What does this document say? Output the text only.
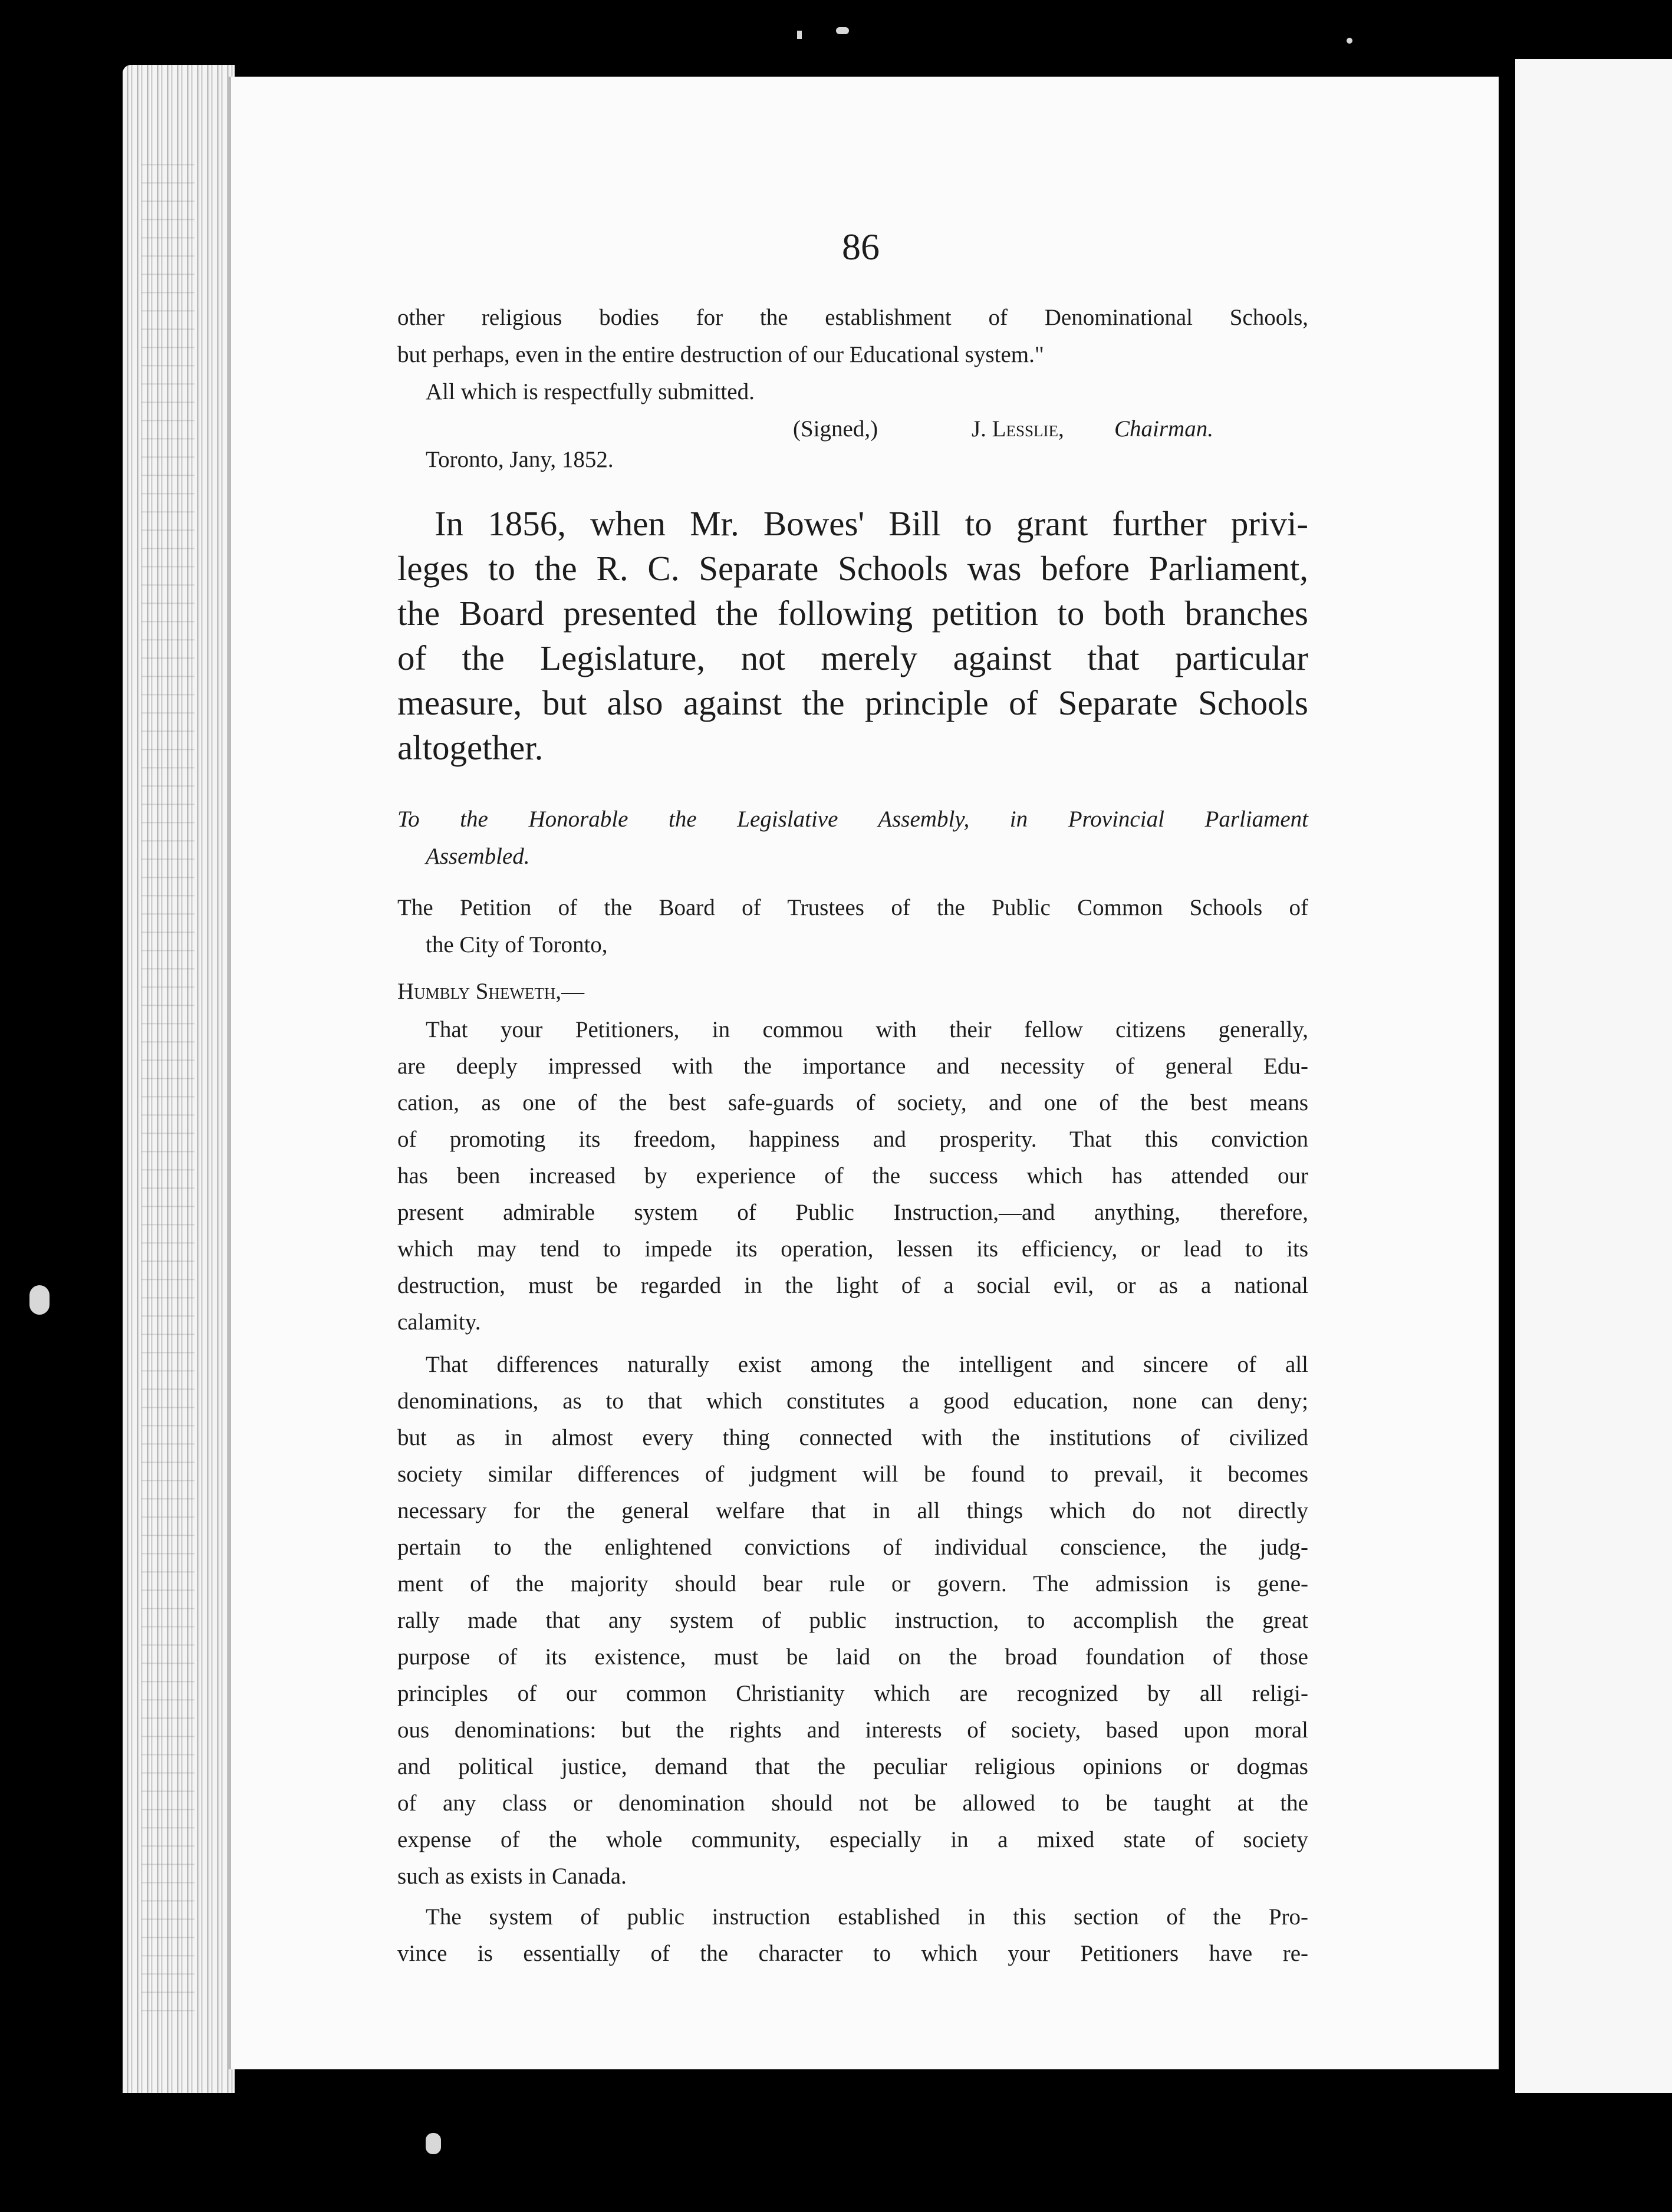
86
other religious bodies for the establishment of Denominational Schools,
but perhaps, even in the entire destruction of our Educational system."
All which is respectfully submitted.
(Signed,)	J. Lesslie, Chairman.
Toronto, Jany, 1852.
In 1856, when Mr. Bowes' Bill to grant further privi-
leges to the R. C. Separate Schools was before Parliament,
the Board presented the following petition to both branches
of the Legislature, not merely against that particular
measure, but also against the principle of Separate Schools
altogether.
To the Honorable the Legislative Assembly, in Provincial Parliament
Assembled.
The Petition of the Board of Trustees of the Public Common Schools of
the City of Toronto,
Humbly Sheweth,—
That your Petitioners, in commou with their fellow citizens generally,
are deeply impressed with the importance and necessity of general Edu-
cation, as one of the best safe-guards of society, and one of the best means
of promoting its freedom, happiness and prosperity. That this conviction
has been increased by experience of the success which has attended our
present admirable system of Public Instruction,—and anything, therefore,
which may tend to impede its operation, lessen its efficiency, or lead to its
destruction, must be regarded in the light of a social evil, or as a national
calamity.
That differences naturally exist among the intelligent and sincere of all
denominations, as to that which constitutes a good education, none can deny;
but as in almost every thing connected with the institutions of civilized
society similar differences of judgment will be found to prevail, it becomes
necessary for the general welfare that in all things which do not directly
pertain to the enlightened convictions of individual conscience, the judg-
ment of the majority should bear rule or govern. The admission is gene-
rally made that any system of public instruction, to accomplish the great
purpose of its existence, must be laid on the broad foundation of those
principles of our common Christianity which are recognized by all religi-
ous denominations: but the rights and interests of society, based upon moral
and political justice, demand that the peculiar religious opinions or dogmas
of any class or denomination should not be allowed to be taught at the
expense of the whole community, especially in a mixed state of society
such as exists in Canada.
The system of public instruction established in this section of the Pro-
vince is essentially of the character to which your Petitioners have re-
